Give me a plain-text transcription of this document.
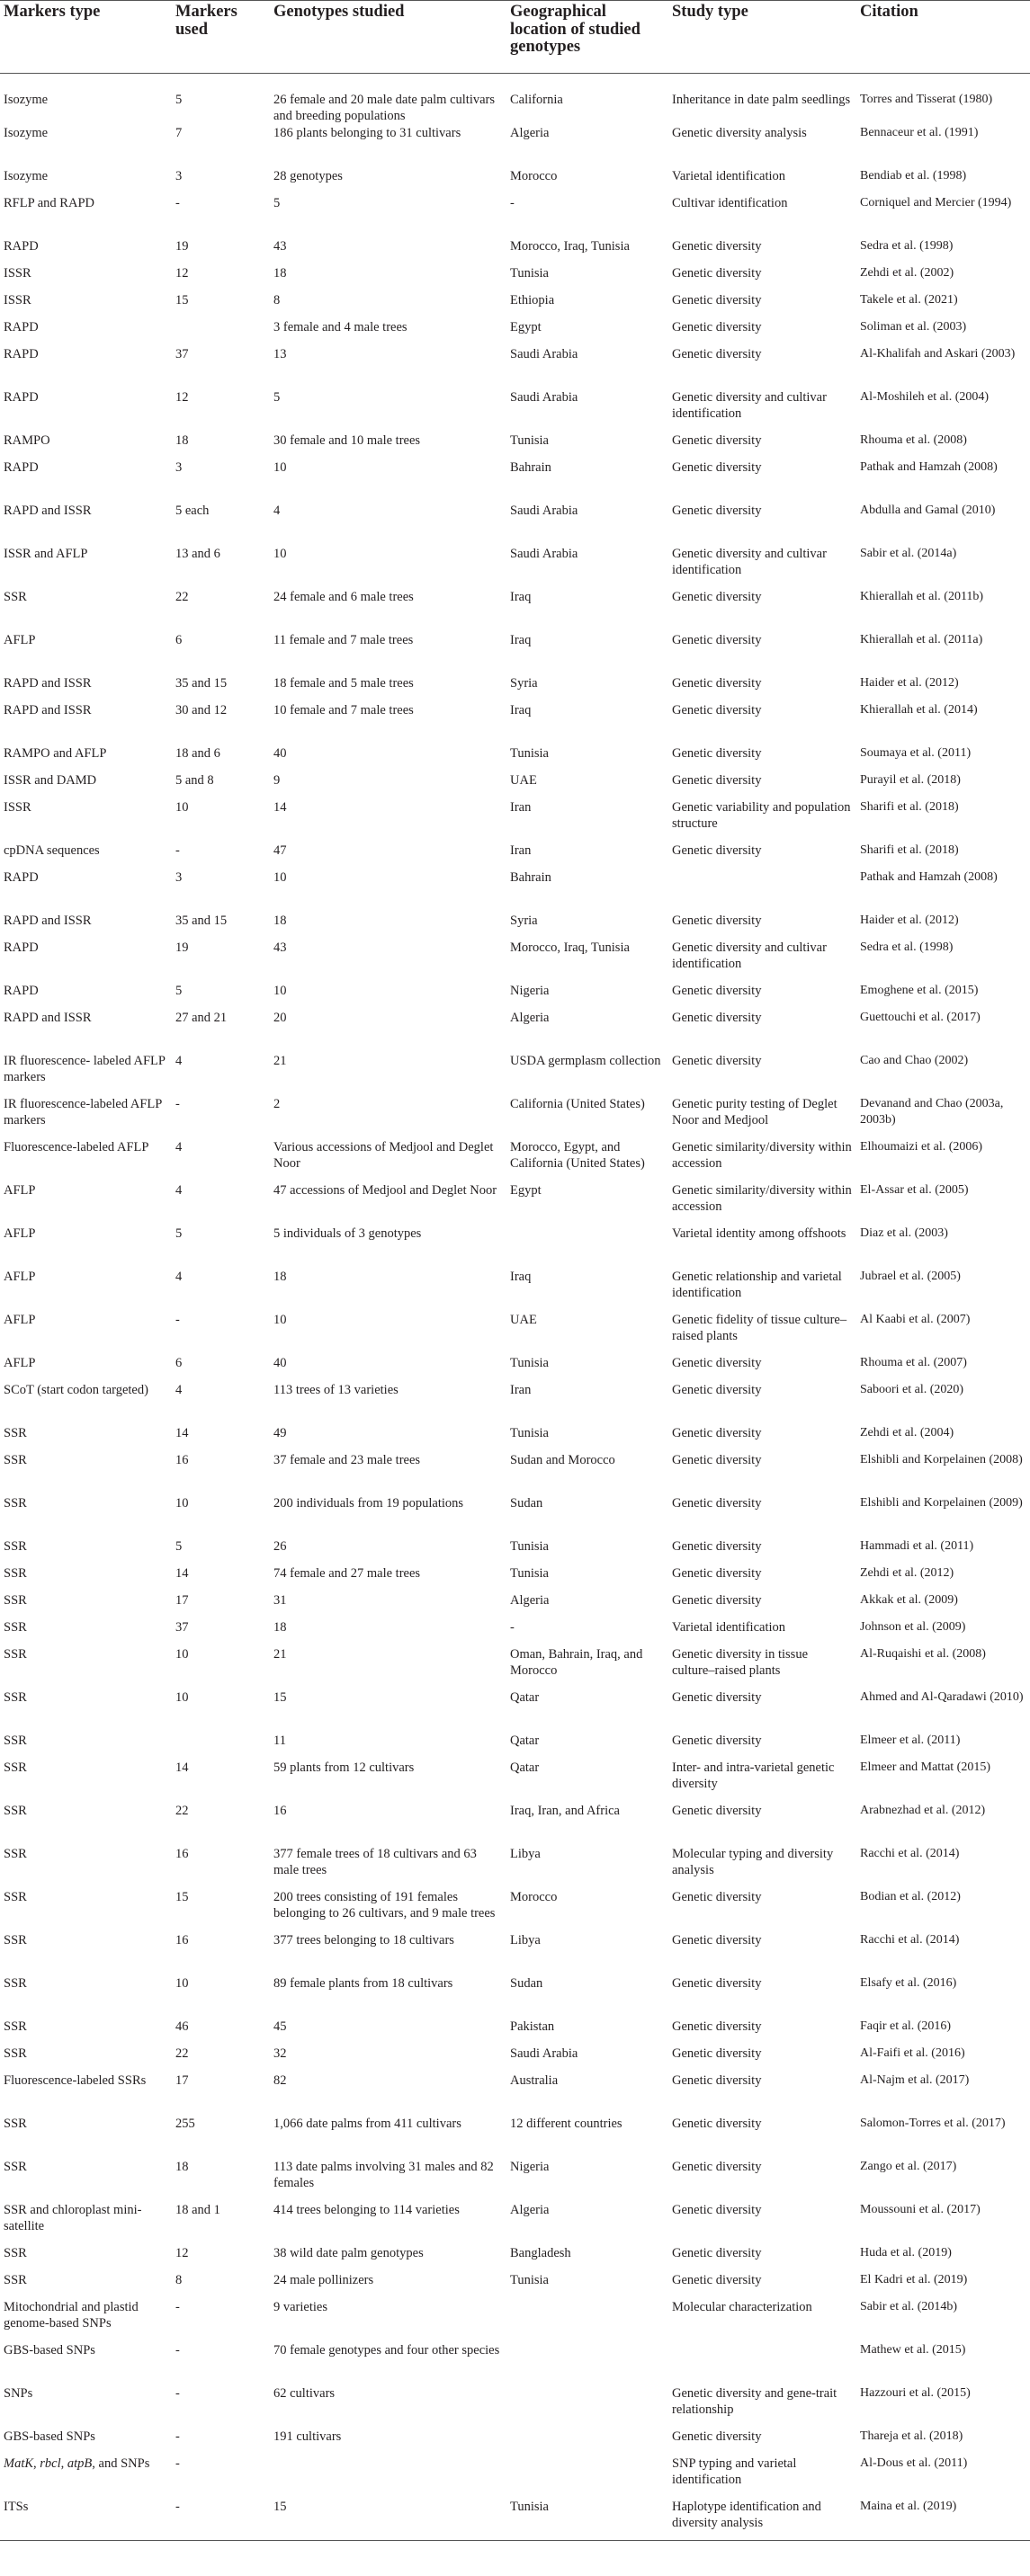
Markers type	Markers used	Genotypes studied	Geographical location of studied genotypes	Study type	Citation
Isozyme	5	26 female and 20 male date palm cultivars and breeding populations	California	Inheritance in date palm seedlings	Torres and Tisserat (1980)
Isozyme	7	186 plants belonging to 31 cultivars	Algeria	Genetic diversity analysis	Bennaceur et al. (1991)
Isozyme	3	28 genotypes	Morocco	Varietal identification	Bendiab et al. (1998)
RFLP and RAPD	-	5	-	Cultivar identification	Corniquel and Mercier (1994)
RAPD	19	43	Morocco, Iraq, Tunisia	Genetic diversity	Sedra et al. (1998)
ISSR	12	18	Tunisia	Genetic diversity	Zehdi et al. (2002)
ISSR	15	8	Ethiopia	Genetic diversity	Takele et al. (2021)
RAPD		3 female and 4 male trees	Egypt	Genetic diversity	Soliman et al. (2003)
RAPD	37	13	Saudi Arabia	Genetic diversity	Al-Khalifah and Askari (2003)
RAPD	12	5	Saudi Arabia	Genetic diversity and cultivar identification	Al-Moshileh et al. (2004)
RAMPO	18	30 female and 10 male trees	Tunisia	Genetic diversity	Rhouma et al. (2008)
RAPD	3	10	Bahrain	Genetic diversity	Pathak and Hamzah (2008)
RAPD and ISSR	5 each	4	Saudi Arabia	Genetic diversity	Abdulla and Gamal (2010)
ISSR and AFLP	13 and 6	10	Saudi Arabia	Genetic diversity and cultivar identification	Sabir et al. (2014a)
SSR	22	24 female and 6 male trees	Iraq	Genetic diversity	Khierallah et al. (2011b)
AFLP	6	11 female and 7 male trees	Iraq	Genetic diversity	Khierallah et al. (2011a)
RAPD and ISSR	35 and 15	18 female and 5 male trees	Syria	Genetic diversity	Haider et al. (2012)
RAPD and ISSR	30 and 12	10 female and 7 male trees	Iraq	Genetic diversity	Khierallah et al. (2014)
RAMPO and AFLP	18 and 6	40	Tunisia	Genetic diversity	Soumaya et al. (2011)
ISSR and DAMD	5 and 8	9	UAE	Genetic diversity	Purayil et al. (2018)
ISSR	10	14	Iran	Genetic variability and population structure	Sharifi et al. (2018)
cpDNA sequences	-	47	Iran	Genetic diversity	Sharifi et al. (2018)
RAPD	3	10	Bahrain		Pathak and Hamzah (2008)
RAPD and ISSR	35 and 15	18	Syria	Genetic diversity	Haider et al. (2012)
RAPD	19	43	Morocco, Iraq, Tunisia	Genetic diversity and cultivar identification	Sedra et al. (1998)
RAPD	5	10	Nigeria	Genetic diversity	Emoghene et al. (2015)
RAPD and ISSR	27 and 21	20	Algeria	Genetic diversity	Guettouchi et al. (2017)
IR fluorescence- labeled AFLP markers	4	21	USDA germplasm collection	Genetic diversity	Cao and Chao (2002)
IR fluorescence-labeled AFLP markers	-	2	California (United States)	Genetic purity testing of Deglet Noor and Medjool	Devanand and Chao (2003a, 2003b)
Fluorescence-labeled AFLP	4	Various accessions of Medjool and Deglet Noor	Morocco, Egypt, and California (United States)	Genetic similarity/diversity within accession	Elhoumaizi et al. (2006)
AFLP	4	47 accessions of Medjool and Deglet Noor	Egypt	Genetic similarity/diversity within accession	El-Assar et al. (2005)
AFLP	5	5 individuals of 3 genotypes		Varietal identity among offshoots	Diaz et al. (2003)
AFLP	4	18	Iraq	Genetic relationship and varietal identification	Jubrael et al. (2005)
AFLP	-	10	UAE	Genetic fidelity of tissue culture–raised plants	Al Kaabi et al. (2007)
AFLP	6	40	Tunisia	Genetic diversity	Rhouma et al. (2007)
SCoT (start codon targeted)	4	113 trees of 13 varieties	Iran	Genetic diversity	Saboori et al. (2020)
SSR	14	49	Tunisia	Genetic diversity	Zehdi et al. (2004)
SSR	16	37 female and 23 male trees	Sudan and Morocco	Genetic diversity	Elshibli and Korpelainen (2008)
SSR	10	200 individuals from 19 populations	Sudan	Genetic diversity	Elshibli and Korpelainen (2009)
SSR	5	26	Tunisia	Genetic diversity	Hammadi et al. (2011)
SSR	14	74 female and 27 male trees	Tunisia	Genetic diversity	Zehdi et al. (2012)
SSR	17	31	Algeria	Genetic diversity	Akkak et al. (2009)
SSR	37	18	-	Varietal identification	Johnson et al. (2009)
SSR	10	21	Oman, Bahrain, Iraq, and Morocco	Genetic diversity in tissue culture–raised plants	Al-Ruqaishi et al. (2008)
SSR	10	15	Qatar	Genetic diversity	Ahmed and Al-Qaradawi (2010)
SSR		11	Qatar	Genetic diversity	Elmeer et al. (2011)
SSR	14	59 plants from 12 cultivars	Qatar	Inter- and intra-varietal genetic diversity	Elmeer and Mattat (2015)
SSR	22	16	Iraq, Iran, and Africa	Genetic diversity	Arabnezhad et al. (2012)
SSR	16	377 female trees of 18 cultivars and 63 male trees	Libya	Molecular typing and diversity analysis	Racchi et al. (2014)
SSR	15	200 trees consisting of 191 females belonging to 26 cultivars, and 9 male trees	Morocco	Genetic diversity	Bodian et al. (2012)
SSR	16	377 trees belonging to 18 cultivars	Libya	Genetic diversity	Racchi et al. (2014)
SSR	10	89 female plants from 18 cultivars	Sudan	Genetic diversity	Elsafy et al. (2016)
SSR	46	45	Pakistan	Genetic diversity	Faqir et al. (2016)
SSR	22	32	Saudi Arabia	Genetic diversity	Al-Faifi et al. (2016)
Fluorescence-labeled SSRs	17	82	Australia	Genetic diversity	Al-Najm et al. (2017)
SSR	255	1,066 date palms from 411 cultivars	12 different countries	Genetic diversity	Salomon-Torres et al. (2017)
SSR	18	113 date palms involving 31 males and 82 females	Nigeria	Genetic diversity	Zango et al. (2017)
SSR and chloroplast mini-satellite	18 and 1	414 trees belonging to 114 varieties	Algeria	Genetic diversity	Moussouni et al. (2017)
SSR	12	38 wild date palm genotypes	Bangladesh	Genetic diversity	Huda et al. (2019)
SSR	8	24 male pollinizers	Tunisia	Genetic diversity	El Kadri et al. (2019)
Mitochondrial and plastid genome-based SNPs	-	9 varieties		Molecular characterization	Sabir et al. (2014b)
GBS-based SNPs	-	70 female genotypes and four other species			Mathew et al. (2015)
SNPs	-	62 cultivars		Genetic diversity and gene-trait relationship	Hazzouri et al. (2015)
GBS-based SNPs	-	191 cultivars		Genetic diversity	Thareja et al. (2018)
MatK, rbcl, atpB, and SNPs	-			SNP typing and varietal identification	Al-Dous et al. (2011)
ITSs	-	15	Tunisia	Haplotype identification and diversity analysis	Maina et al. (2019)
